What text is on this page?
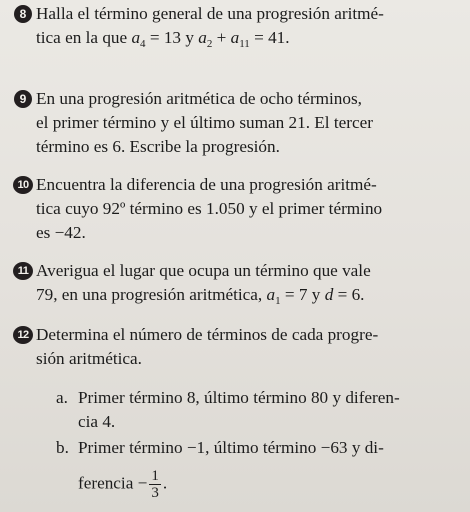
8 Halla el término general de una progresión aritmé-
tica en la que $a_4 = 13$ y $a_2 + a_{11} = 41$.
9 En una progresión aritmética de ocho términos,
el primer término y el último suman 21. El tercer
término es 6. Escribe la progresión.
10 Encuentra la diferencia de una progresión aritmé-
tica cuyo 92º término es 1.050 y el primer término
es −42.
11 Averigua el lugar que ocupa un término que vale
79, en una progresión aritmética, $a_1 = 7$ y d = 6.
12 Determina el número de términos de cada progre-
sión aritmética.
a. Primer término 8, último término 80 y diferen-
cia 4.
b. Primer término −1, último término −63 y di-
ferencia − $\frac{1}{3}$ .
